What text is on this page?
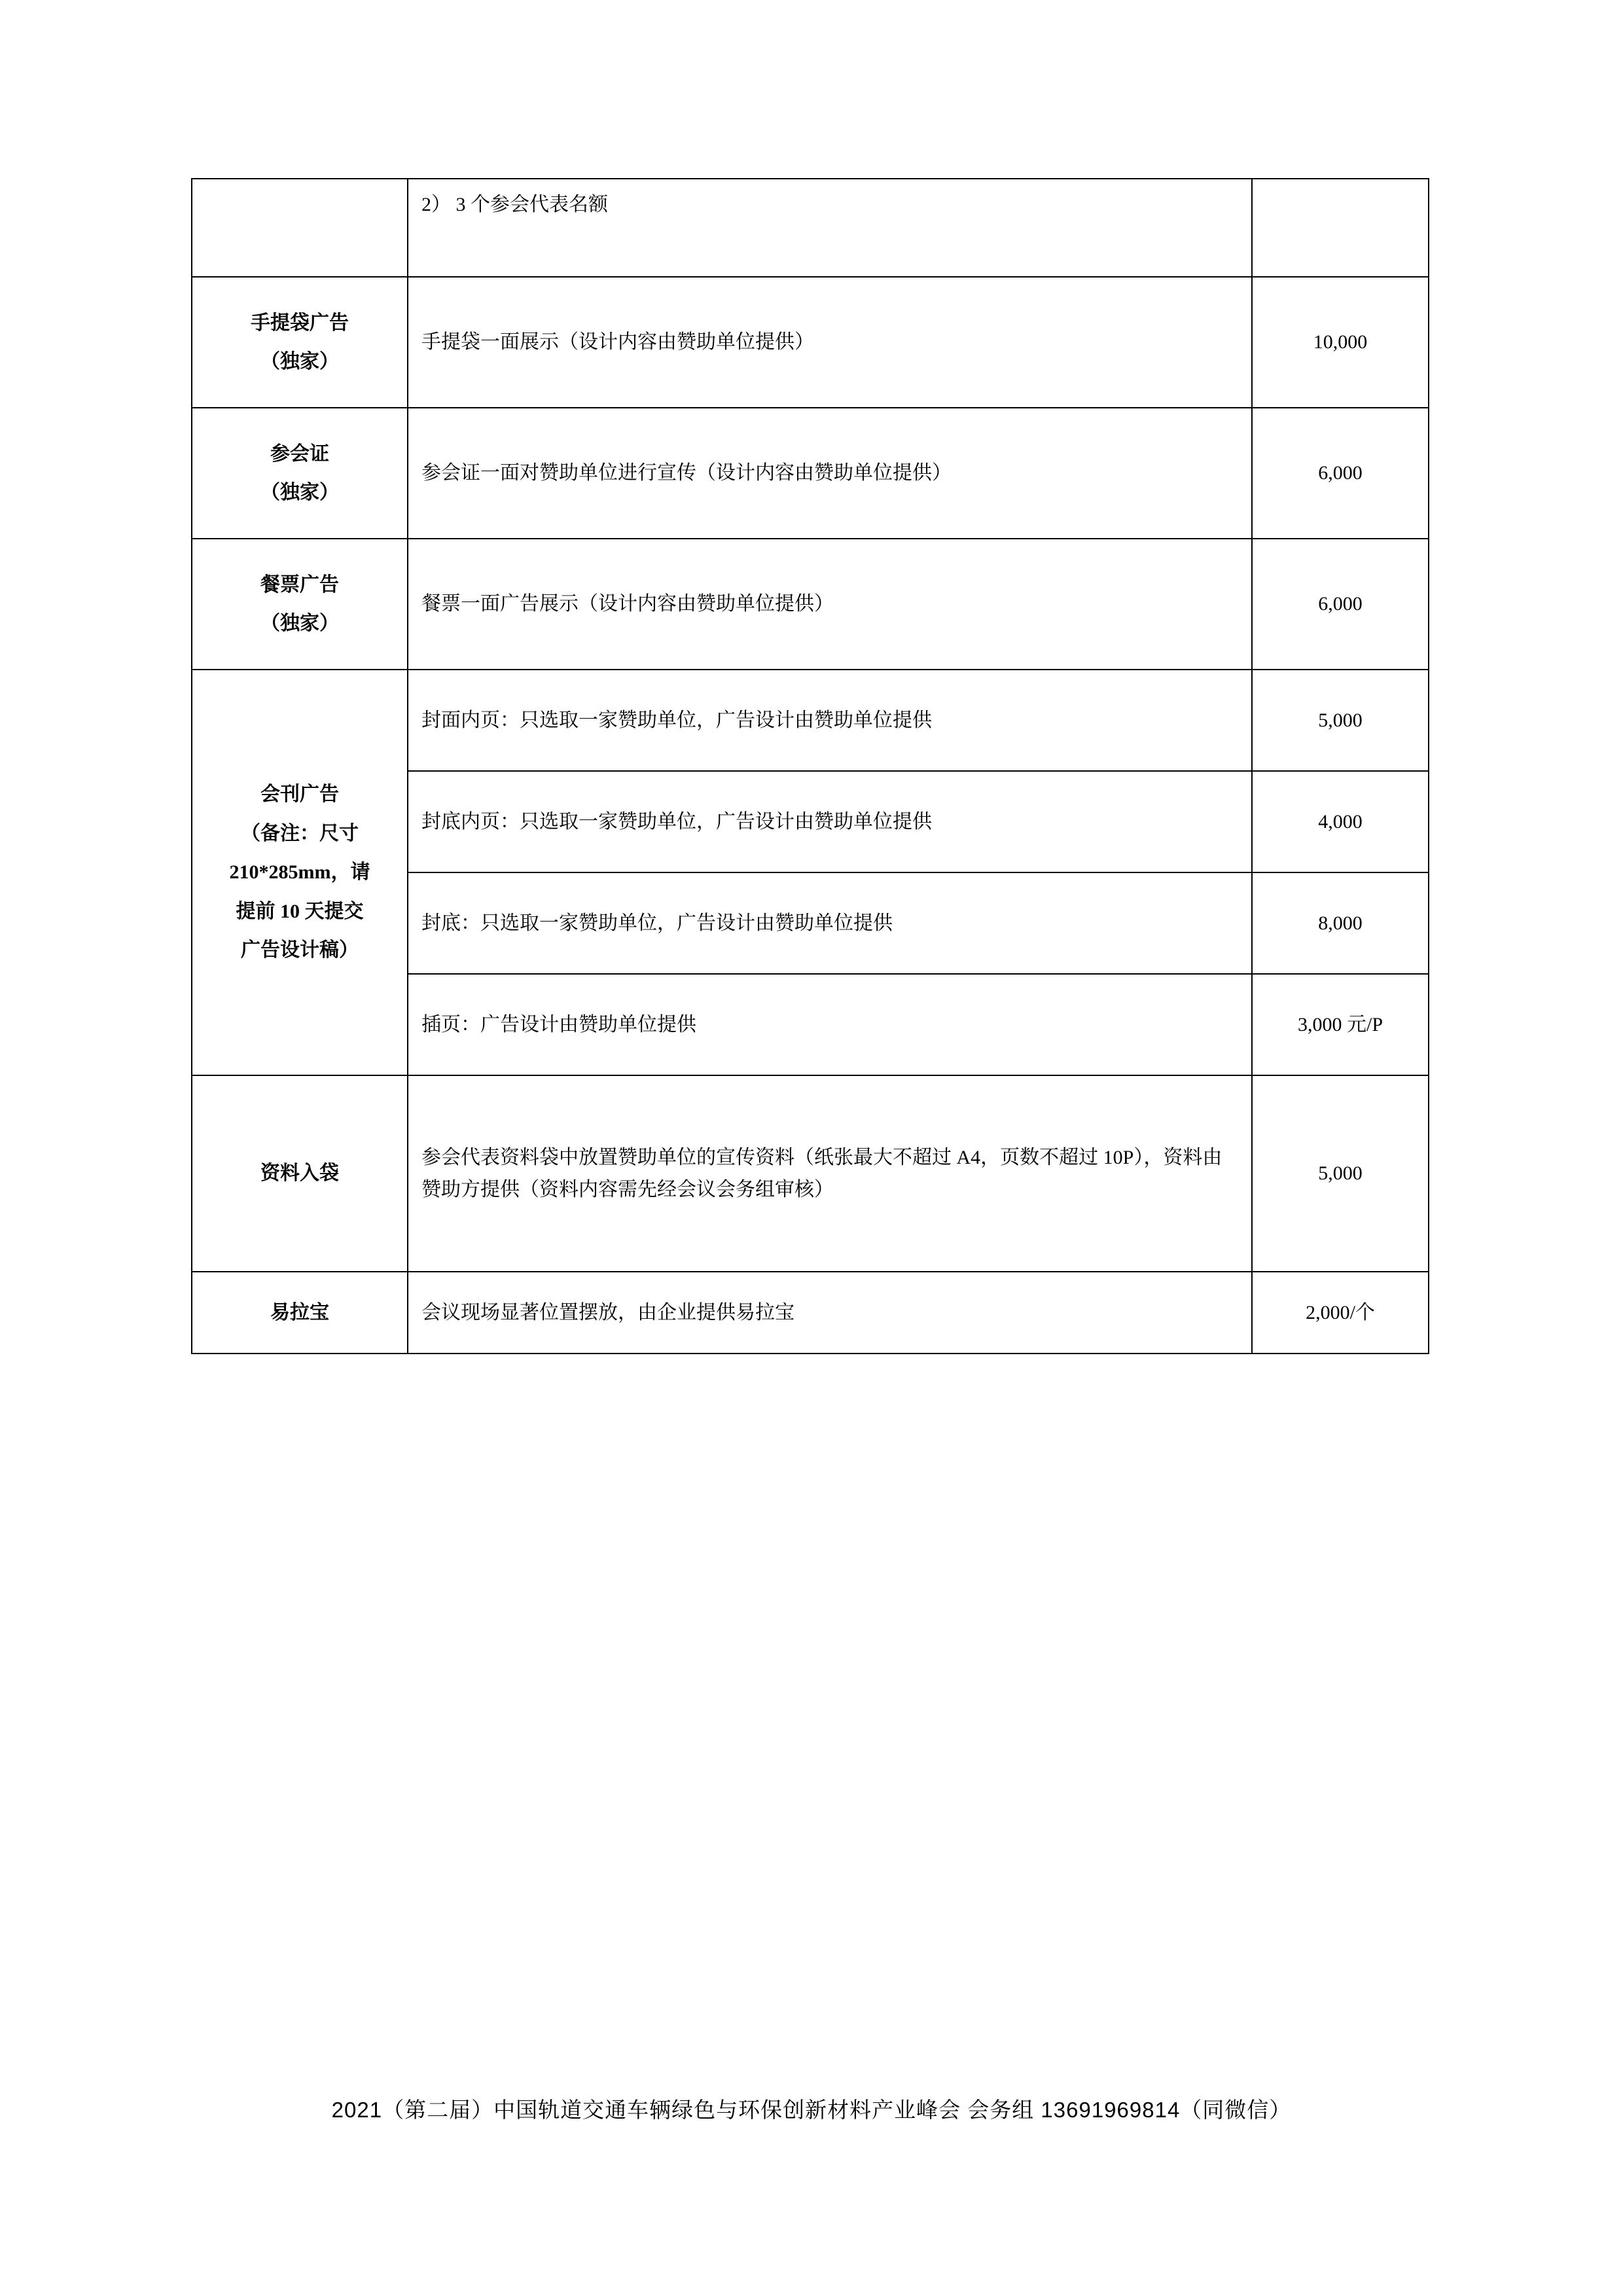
	2） 3 个参会代表名额	

手提袋广告
（独家）	手提袋一面展示（设计内容由赞助单位提供）	10,000

参会证
（独家）	参会证一面对赞助单位进行宣传（设计内容由赞助单位提供）	6,000

餐票广告
（独家）	餐票一面广告展示（设计内容由赞助单位提供）	6,000

会刊广告
（备注：尺寸
210*285mm，请
提前 10 天提交
广告设计稿）	封面内页：只选取一家赞助单位，广告设计由赞助单位提供	5,000

	封底内页：只选取一家赞助单位，广告设计由赞助单位提供	4,000

	封底：只选取一家赞助单位，广告设计由赞助单位提供	8,000

	插页：广告设计由赞助单位提供	3,000 元/P

资料入袋	参会代表资料袋中放置赞助单位的宣传资料（纸张最大不超过 A4，页数不超过 10P），资料由赞助方提供（资料内容需先经会议会务组审核）	5,000

易拉宝	会议现场显著位置摆放，由企业提供易拉宝	2,000/个
2021（第二届）中国轨道交通车辆绿色与环保创新材料产业峰会 会务组 13691969814（同微信）
